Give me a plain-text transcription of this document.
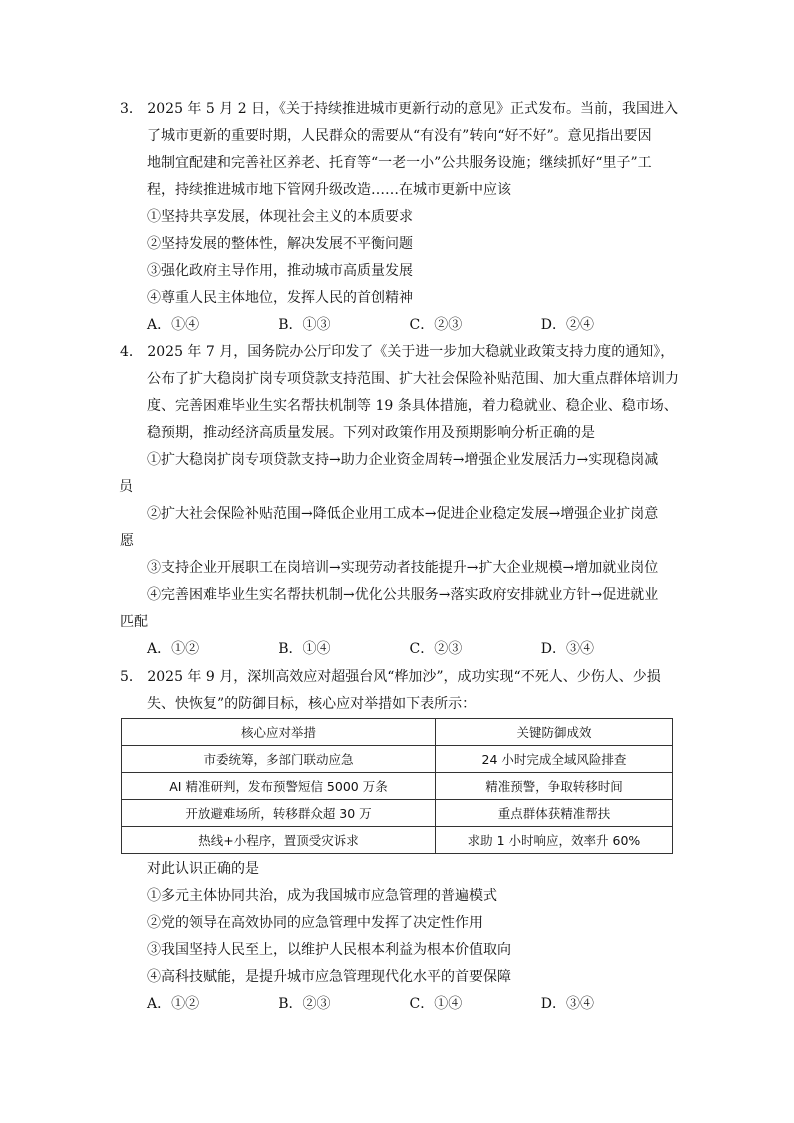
3． 2025 年 5 月 2 日，《关于持续推进城市更新行动的意见》正式发布。当前，我国进入
了城市更新的重要时期，人民群众的需要从“有没有”转向“好不好”。意见指出要因
地制宜配建和完善社区养老、托育等“一老一小”公共服务设施；继续抓好“里子”工
程，持续推进城市地下管网升级改造……在城市更新中应该
①坚持共享发展，体现社会主义的本质要求
②坚持发展的整体性，解决发展不平衡问题
③强化政府主导作用，推动城市高质量发展
④尊重人民主体地位，发挥人民的首创精神
A．①④	B．①③	C．②③	D．②④
4． 2025 年 7 月，国务院办公厅印发了《关于进一步加大稳就业政策支持力度的通知》，
公布了扩大稳岗扩岗专项贷款支持范围、扩大社会保险补贴范围、加大重点群体培训力
度、完善困难毕业生实名帮扶机制等 19 条具体措施，着力稳就业、稳企业、稳市场、
稳预期，推动经济高质量发展。下列对政策作用及预期影响分析正确的是
①扩大稳岗扩岗专项贷款支持→助力企业资金周转→增强企业发展活力→实现稳岗减
员
②扩大社会保险补贴范围→降低企业用工成本→促进企业稳定发展→增强企业扩岗意
愿
③支持企业开展职工在岗培训→实现劳动者技能提升→扩大企业规模→增加就业岗位
④完善困难毕业生实名帮扶机制→优化公共服务→落实政府安排就业方针→促进就业
匹配
A．①②	B．①④	C．②③	D．③④
5． 2025 年 9 月，深圳高效应对超强台风“桦加沙”，成功实现“不死人、少伤人、少损
失、快恢复”的防御目标，核心应对举措如下表所示：
核心应对举措	关键防御成效
市委统筹，多部门联动应急	24 小时完成全域风险排查
AI 精准研判，发布预警短信 5000 万条	精准预警，争取转移时间
开放避难场所，转移群众超 30 万	重点群体获精准帮扶
热线+小程序，置顶受灾诉求	求助 1 小时响应，效率升 60%
对此认识正确的是
①多元主体协同共治，成为我国城市应急管理的普遍模式
②党的领导在高效协同的应急管理中发挥了决定性作用
③我国坚持人民至上，以维护人民根本利益为根本价值取向
④高科技赋能，是提升城市应急管理现代化水平的首要保障
A．①②	B．②③	C．①④	D．③④
